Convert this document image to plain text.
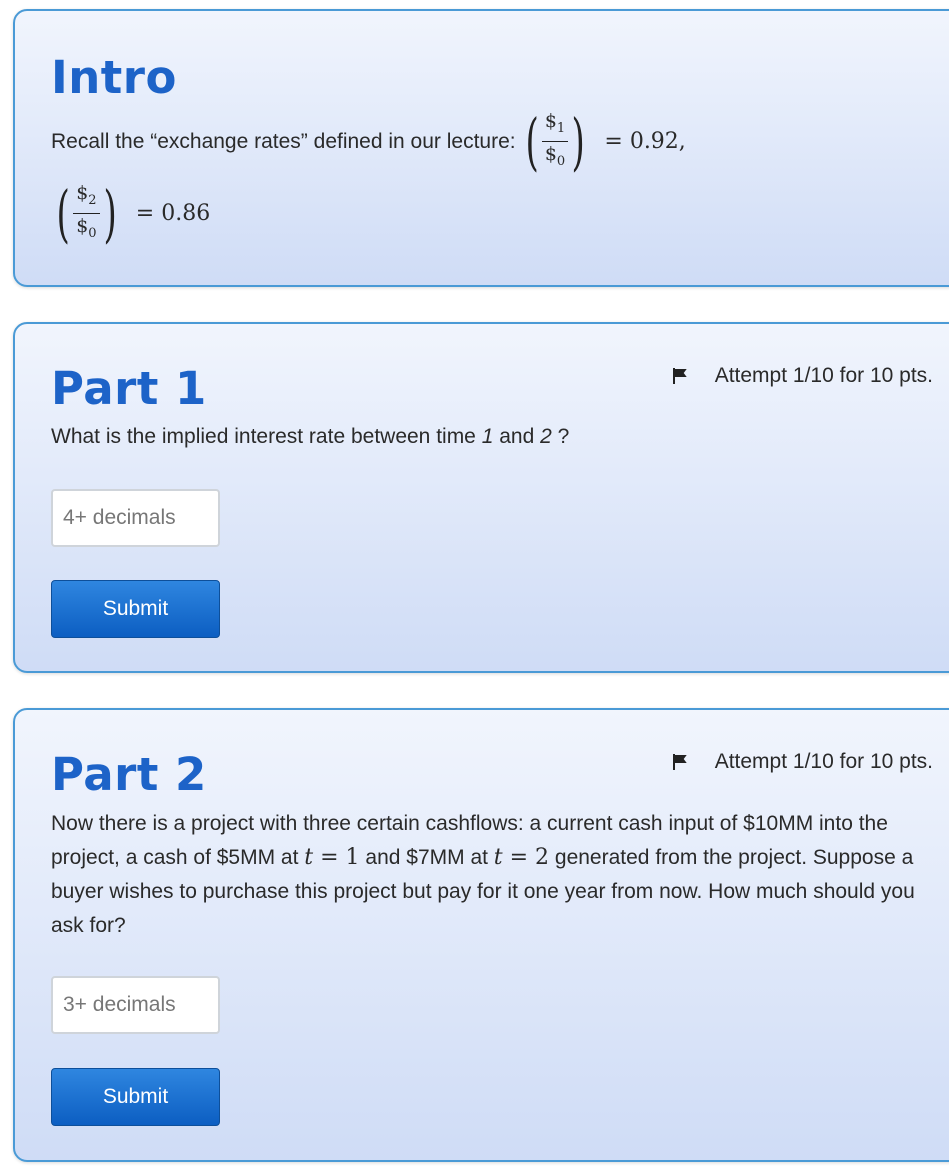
Intro
Recall the “exchange rates” defined in our lecture: ( $\frac{\$_1}{\$_0}$ ) = 0.92,
( $\frac{\$_2}{\$_0}$ ) = 0.86
Attempt 1/10 for 10 pts.
Part 1
What is the implied interest rate between time 1 and 2 ?
4+ decimals
Submit
Attempt 1/10 for 10 pts.
Part 2
Now there is a project with three certain cashflows: a current cash input of $10MM into the project, a cash of $5MM at t = 1 and $7MM at t = 2 generated from the project. Suppose a buyer wishes to purchase this project but pay for it one year from now. How much should you ask for?
3+ decimals
Submit
